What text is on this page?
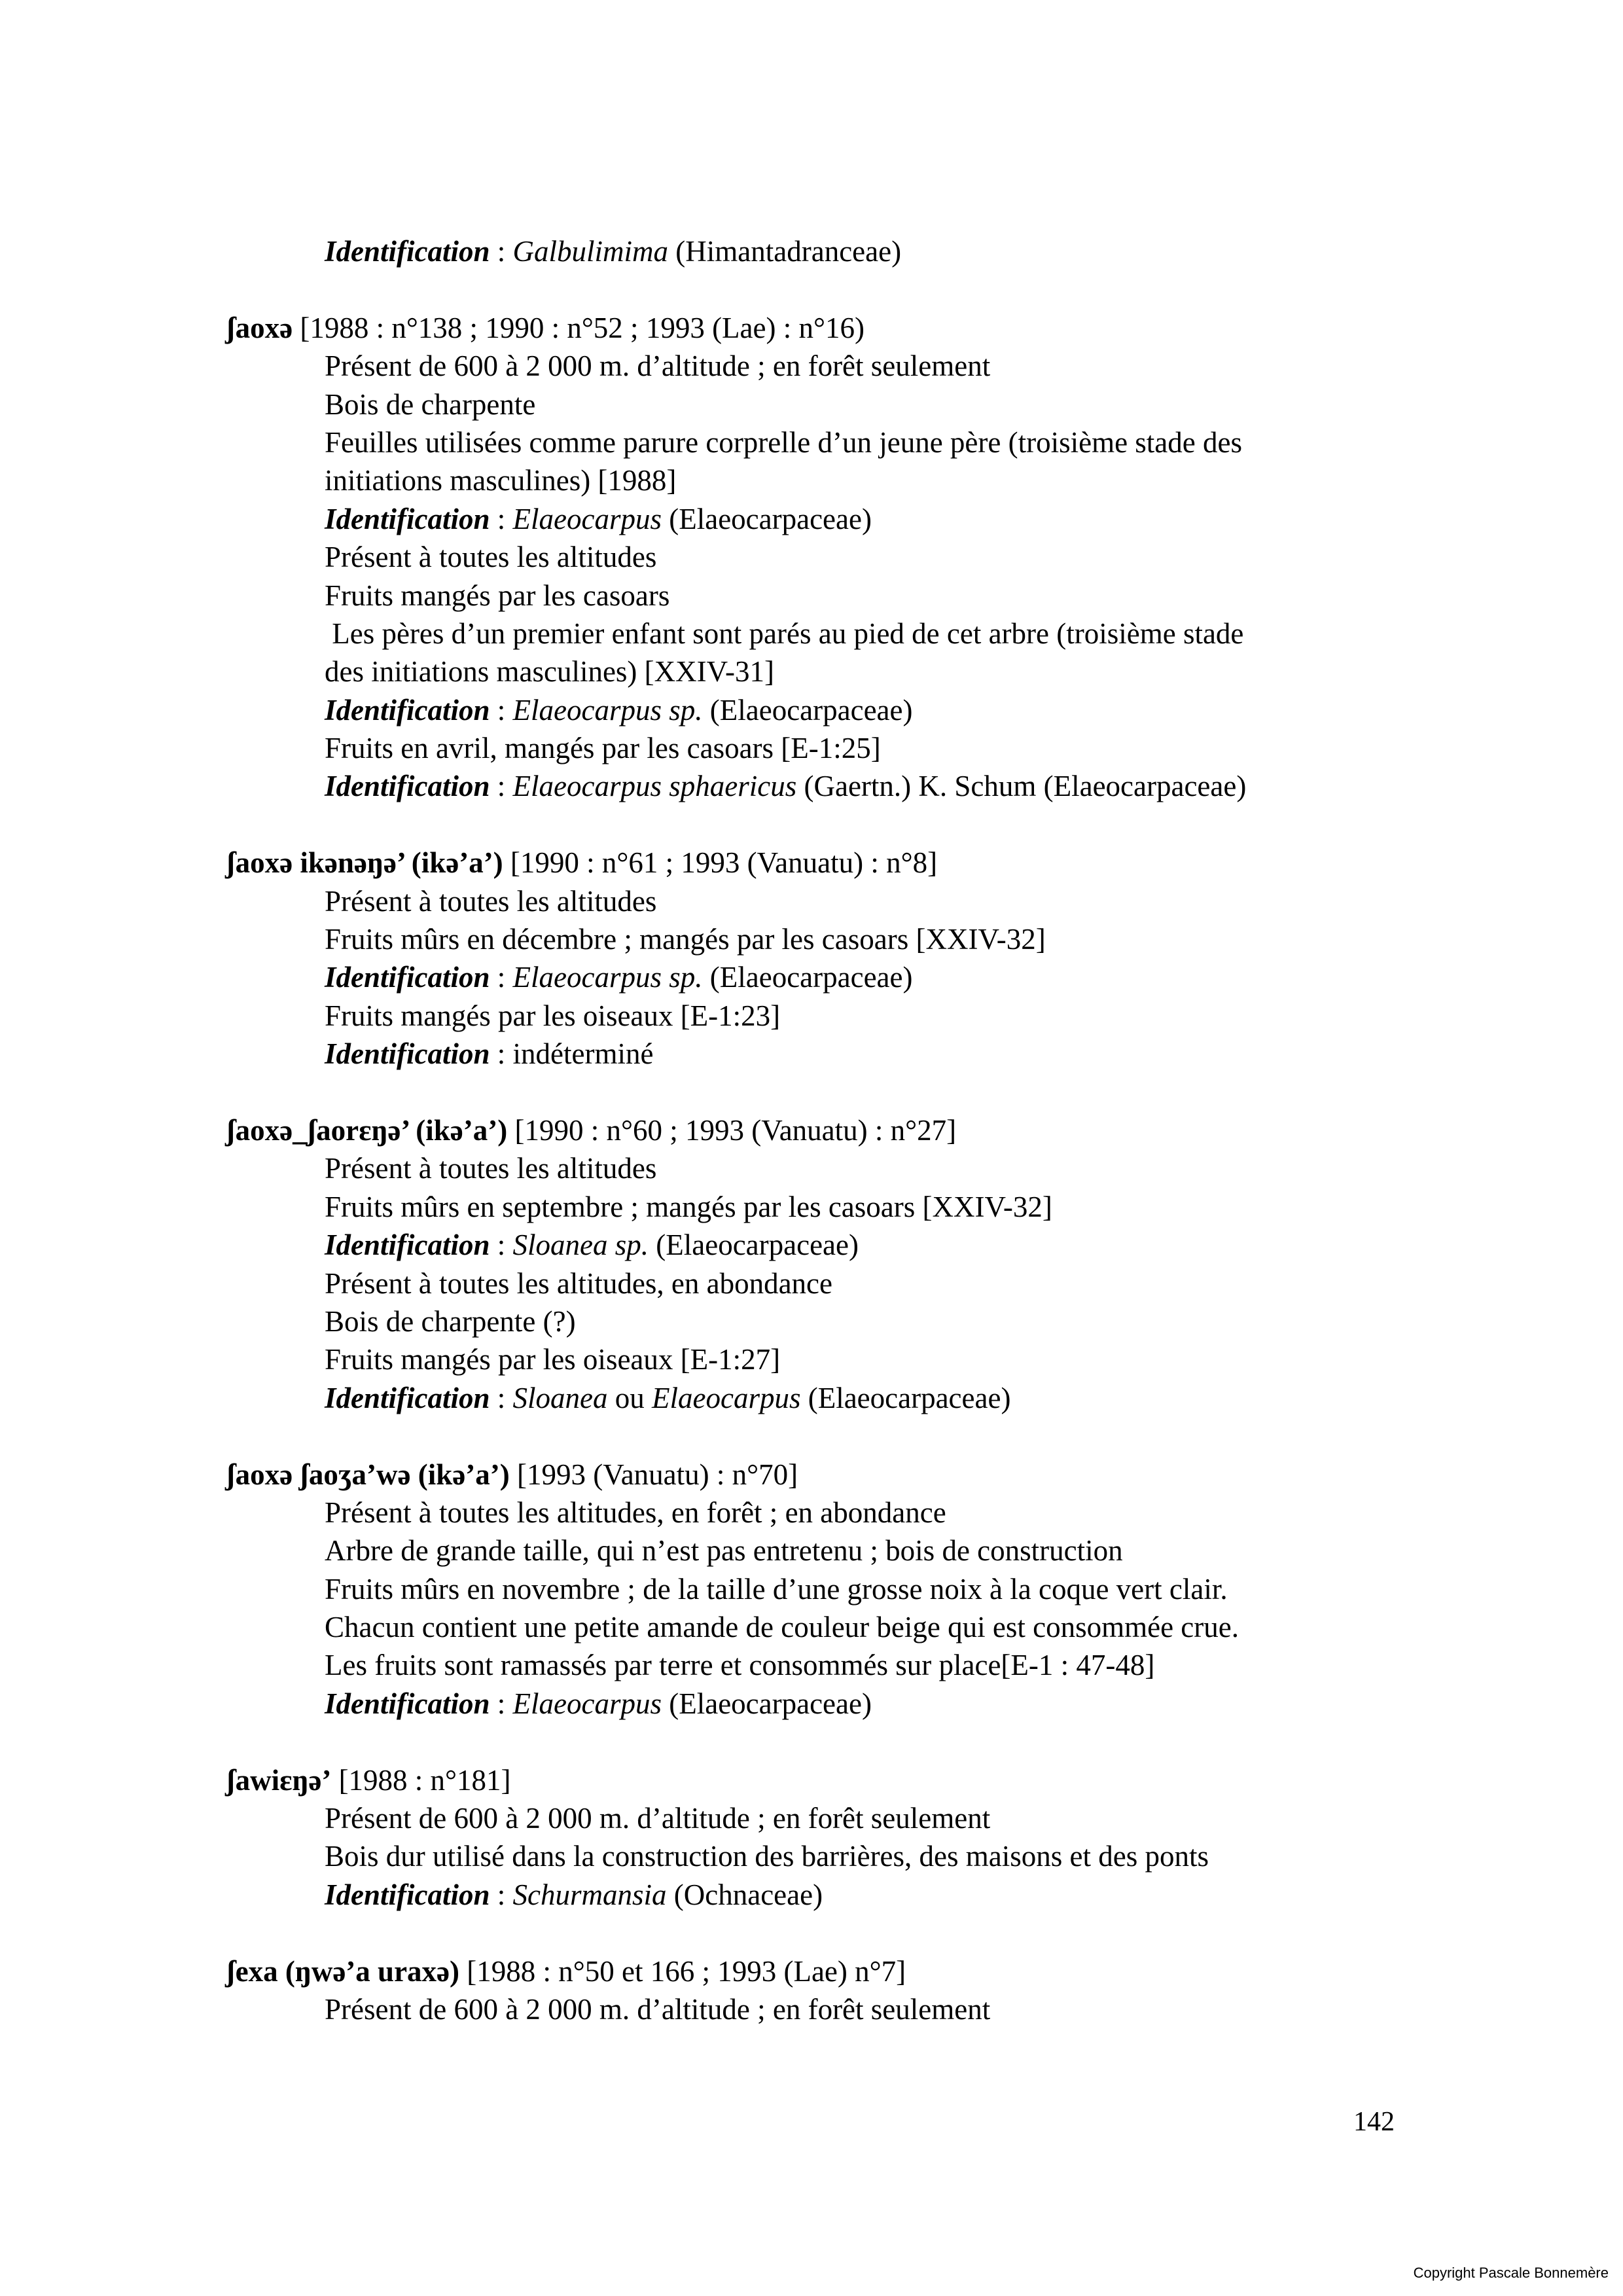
Identification : Galbulimima (Himantadranceae)
ʃaoxə [1988 : n°138 ; 1990 : n°52 ; 1993 (Lae) : n°16)
Présent de 600 à 2 000 m. d’altitude ; en forêt seulement
Bois de charpente
Feuilles utilisées comme parure corprelle d’un jeune père (troisième stade des
initiations masculines) [1988]
Identification : Elaeocarpus (Elaeocarpaceae)
Présent à toutes les altitudes
Fruits mangés par les casoars
Les pères d’un premier enfant sont parés au pied de cet arbre (troisième stade
des initiations masculines) [XXIV-31]
Identification : Elaeocarpus sp. (Elaeocarpaceae)
Fruits en avril, mangés par les casoars [E-1:25]
Identification : Elaeocarpus sphaericus (Gaertn.) K. Schum (Elaeocarpaceae)
ʃaoxə ikənəŋə’ (ikə’a’) [1990 : n°61 ; 1993 (Vanuatu) : n°8]
Présent à toutes les altitudes
Fruits mûrs en décembre ; mangés par les casoars [XXIV-32]
Identification : Elaeocarpus sp. (Elaeocarpaceae)
Fruits mangés par les oiseaux [E-1:23]
Identification : indéterminé
ʃaoxə_ʃaorɛŋə’ (ikə’a’) [1990 : n°60 ; 1993 (Vanuatu) : n°27]
Présent à toutes les altitudes
Fruits mûrs en septembre ; mangés par les casoars [XXIV-32]
Identification : Sloanea sp. (Elaeocarpaceae)
Présent à toutes les altitudes, en abondance
Bois de charpente (?)
Fruits mangés par les oiseaux [E-1:27]
Identification : Sloanea ou Elaeocarpus (Elaeocarpaceae)
ʃaoxə ʃaoʒa’wə (ikə’a’) [1993 (Vanuatu) : n°70]
Présent à toutes les altitudes, en forêt ; en abondance
Arbre de grande taille, qui n’est pas entretenu ; bois de construction
Fruits mûrs en novembre ; de la taille d’une grosse noix à la coque vert clair.
Chacun contient une petite amande de couleur beige qui est consommée crue.
Les fruits sont ramassés par terre et consommés sur place[E-1 : 47-48]
Identification : Elaeocarpus (Elaeocarpaceae)
ʃawiɛŋə’ [1988 : n°181]
Présent de 600 à 2 000 m. d’altitude ; en forêt seulement
Bois dur utilisé dans la construction des barrières, des maisons et des ponts
Identification : Schurmansia (Ochnaceae)
ʃexa (ŋwə’a uraxə) [1988 : n°50 et 166 ; 1993 (Lae) n°7]
Présent de 600 à 2 000 m. d’altitude ; en forêt seulement
142
Copyright Pascale Bonnemère
